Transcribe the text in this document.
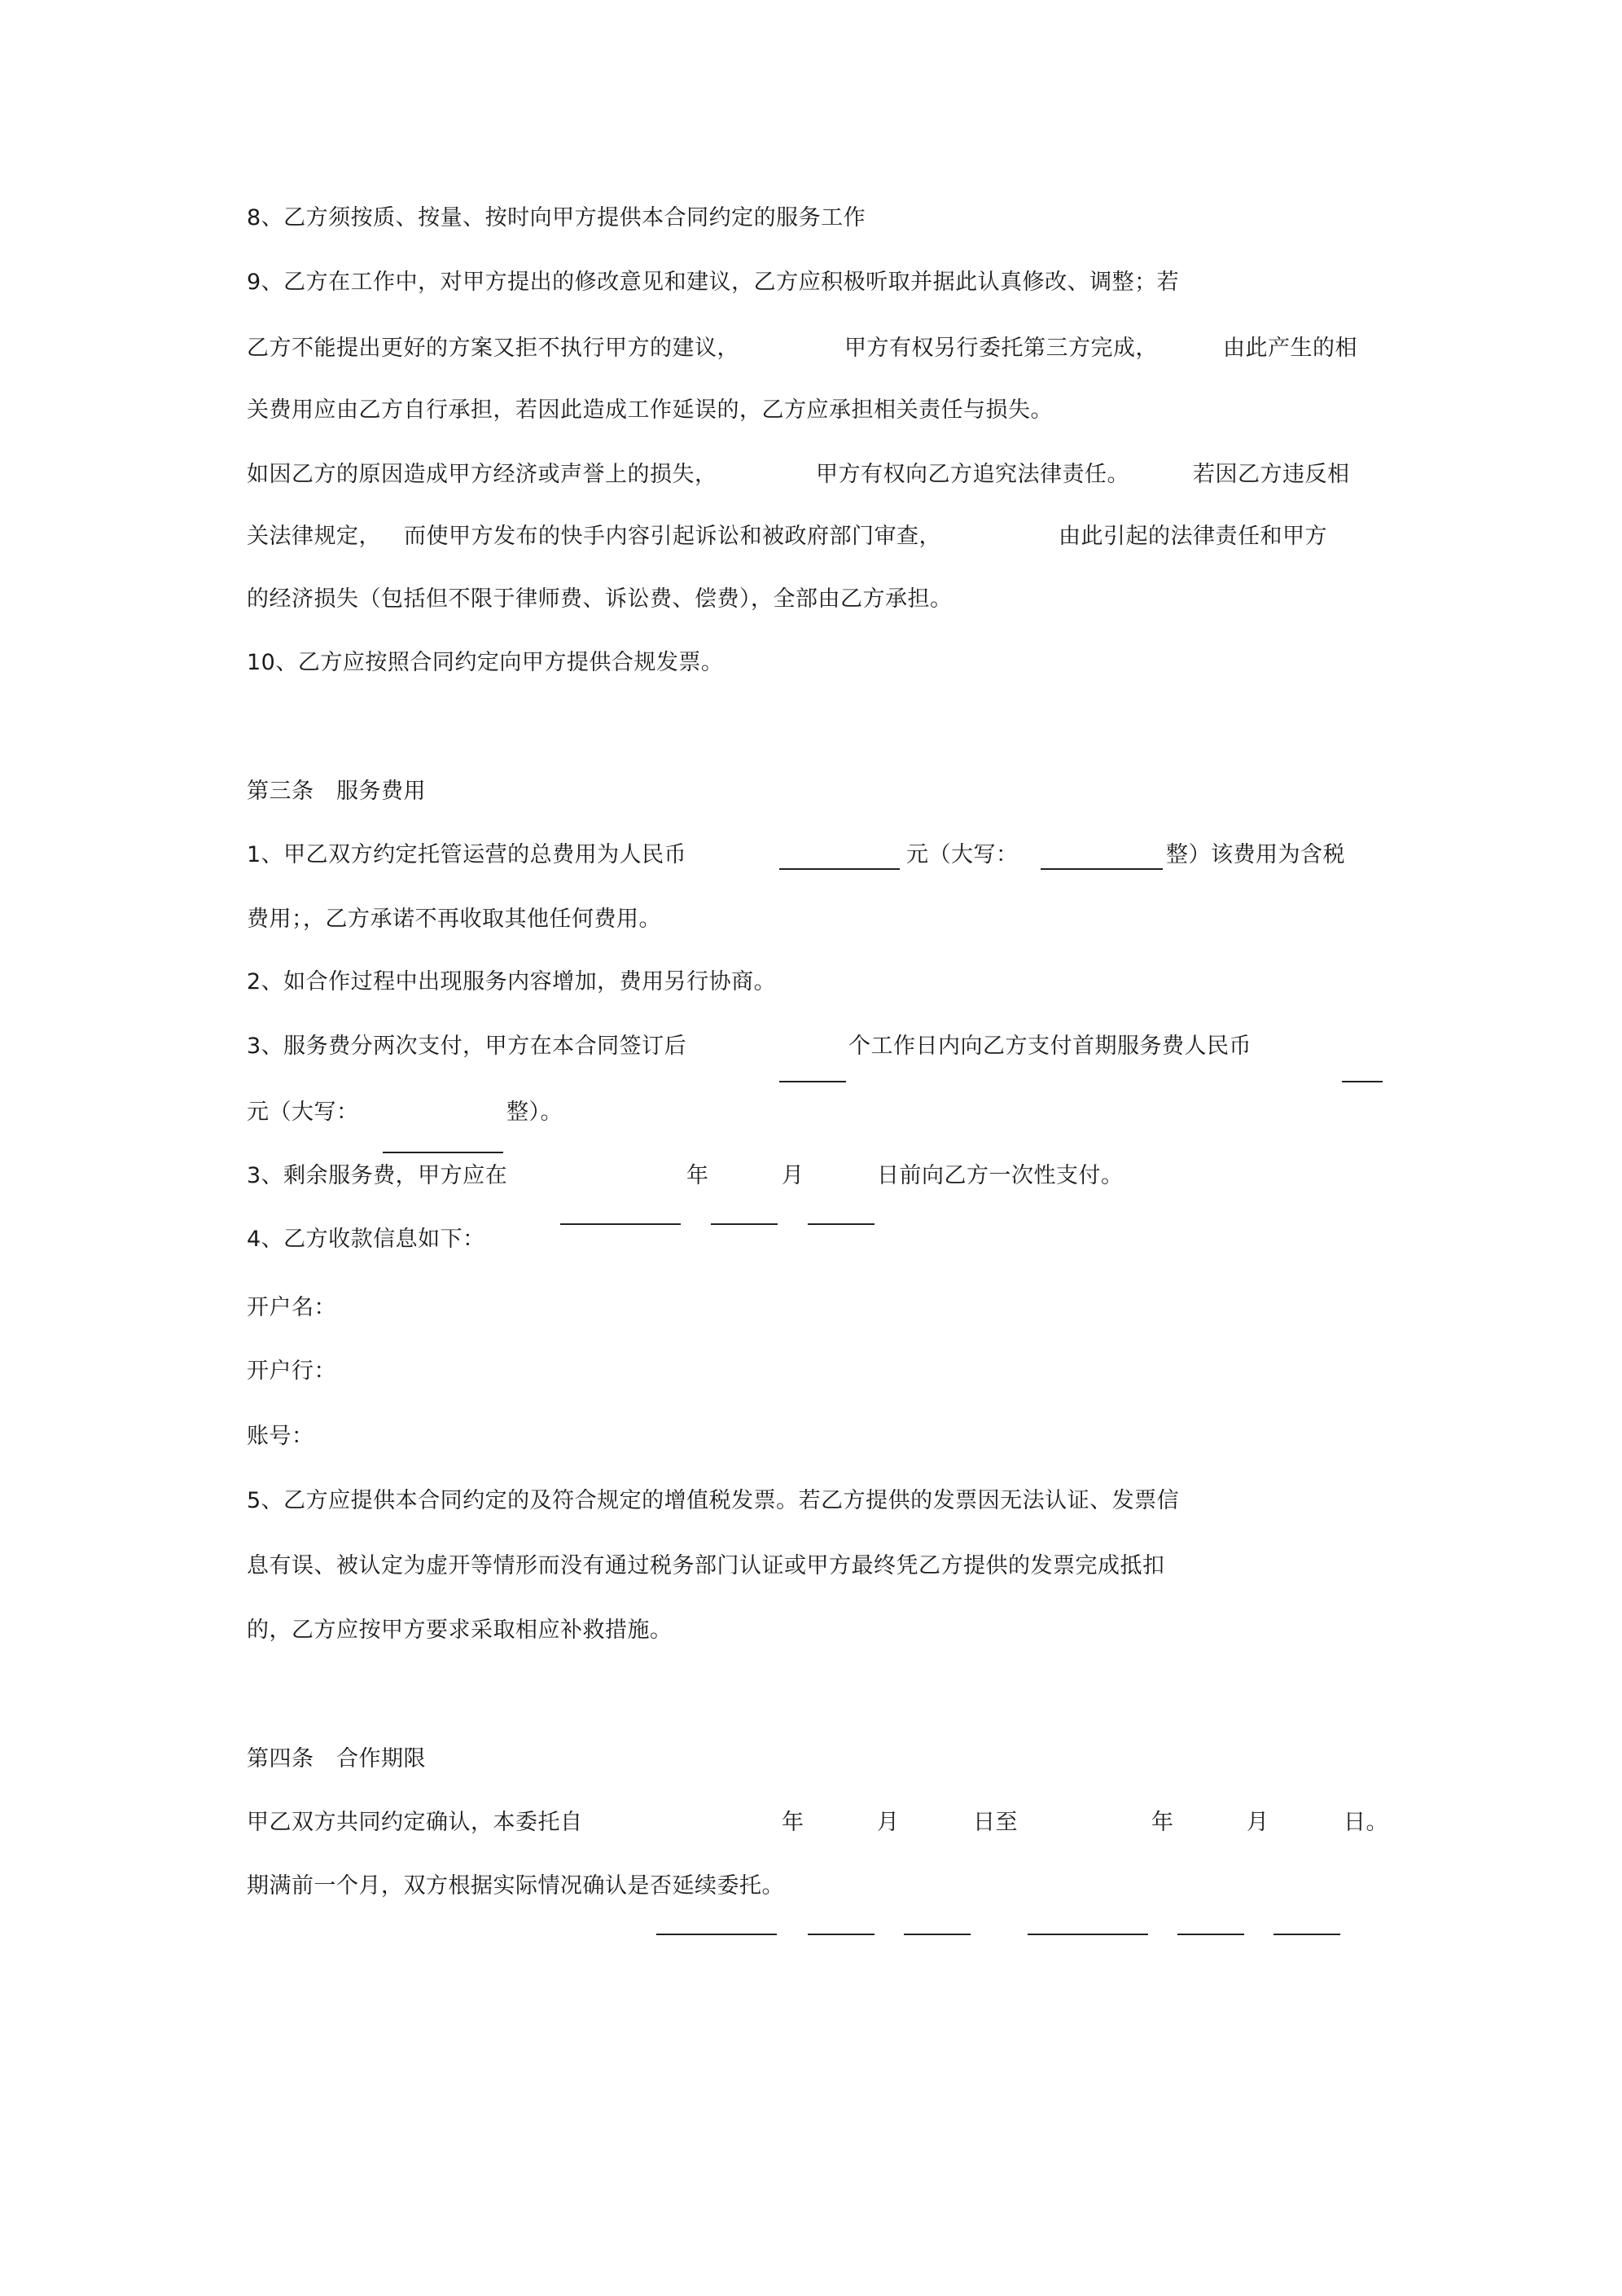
8、乙方须按质、按量、按时向甲方提供本合同约定的服务工作
9、乙方在工作中，对甲方提出的修改意见和建议，乙方应积极听取并据此认真修改、调整；若
乙方不能提出更好的方案又拒不执行甲方的建议，	甲方有权另行委托第三方完成，	由此产生的相
关费用应由乙方自行承担，若因此造成工作延误的，乙方应承担相关责任与损失。
如因乙方的原因造成甲方经济或声誉上的损失，	甲方有权向乙方追究法律责任。	若因乙方违反相
关法律规定， 而使甲方发布的快手内容引起诉讼和被政府部门审查，	由此引起的法律责任和甲方
的经济损失（包括但不限于律师费、诉讼费、偿费），全部由乙方承担。
10、乙方应按照合同约定向甲方提供合规发票。
第三条　服务费用
1、甲乙双方约定托管运营的总费用为人民币	元（大写：	整）该费用为含税
费用；，乙方承诺不再收取其他任何费用。
2、如合作过程中出现服务内容增加，费用另行协商。
3、服务费分两次支付，甲方在本合同签订后	个工作日内向乙方支付首期服务费人民币
元（大写：	整）。
3、剩余服务费，甲方应在	年	月	日前向乙方一次性支付。
4、乙方收款信息如下：
开户名：
开户行：
账号：
5、乙方应提供本合同约定的及符合规定的增值税发票。若乙方提供的发票因无法认证、发票信
息有误、被认定为虚开等情形而没有通过税务部门认证或甲方最终凭乙方提供的发票完成抵扣
的，乙方应按甲方要求采取相应补救措施。
第四条　合作期限
甲乙双方共同约定确认，本委托自	年	月	日至	年	月	日。
期满前一个月，双方根据实际情况确认是否延续委托。
